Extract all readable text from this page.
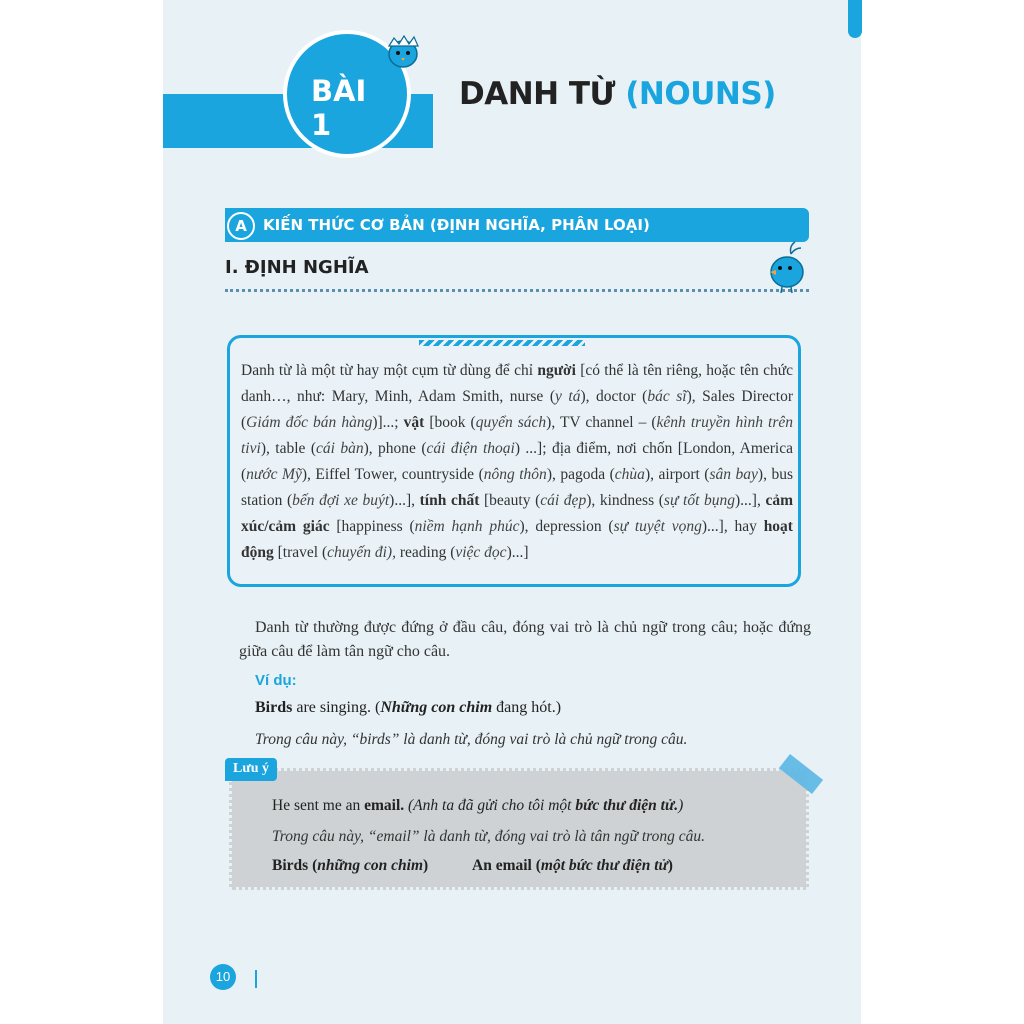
BÀI 1
DANH TỪ (NOUNS)
A	KIẾN THỨC CƠ BẢN (ĐỊNH NGHĨA, PHÂN LOẠI)
I. ĐỊNH NGHĨA
Danh từ là một từ hay một cụm từ dùng để chỉ người [có thể là tên riêng, hoặc tên chức danh…, như: Mary, Minh, Adam Smith, nurse (y tá), doctor (bác sĩ), Sales Director (Giám đốc bán hàng)]...; vật [book (quyển sách), TV channel – (kênh truyền hình trên tivi), table (cái bàn), phone (cái điện thoại) ...]; địa điểm, nơi chốn [London, America (nước Mỹ), Eiffel Tower, countryside (nông thôn), pagoda (chùa), airport (sân bay), bus station (bến đợi xe buýt)...], tính chất [beauty (cái đẹp), kindness (sự tốt bụng)...], cảm xúc/cảm giác [happiness (niềm hạnh phúc), depression (sự tuyệt vọng)...], hay hoạt động [travel (chuyến đi), reading (việc đọc)...]
Danh từ thường được đứng ở đầu câu, đóng vai trò là chủ ngữ trong câu; hoặc đứng giữa câu để làm tân ngữ cho câu.
Ví dụ:
Birds are singing. (Những con chim đang hót.)
Trong câu này, “birds” là danh từ, đóng vai trò là chủ ngữ trong câu.
Lưu ý
He sent me an email. (Anh ta đã gửi cho tôi một bức thư điện tử.)
Trong câu này, “email” là danh từ, đóng vai trò là tân ngữ trong câu.
Birds (những con chim)	An email (một bức thư điện tử)
10
